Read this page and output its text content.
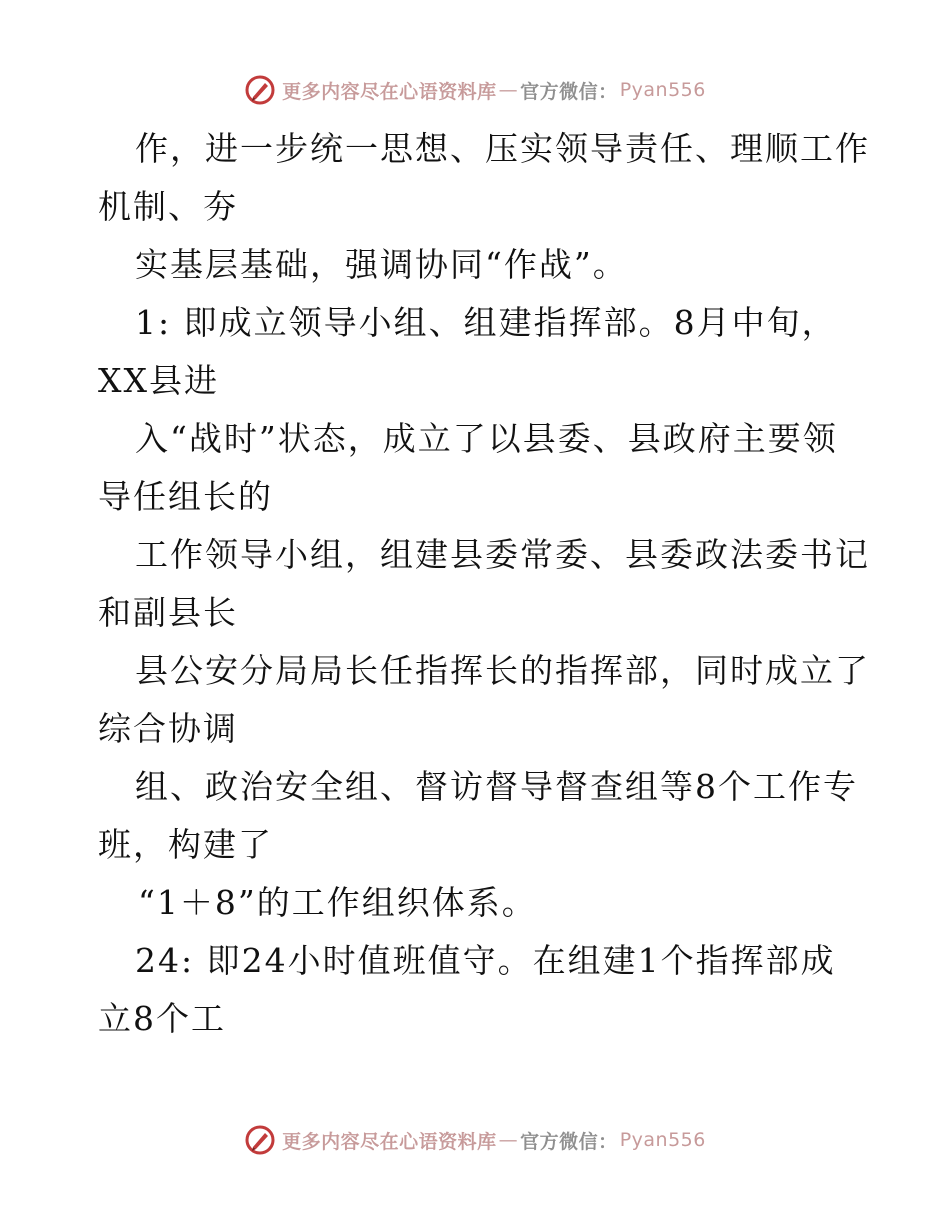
更多内容尽在心语资料库 — 官方微信： Pyan556
作，进一步统一思想、压实领导责任、理顺工作
机制、夯
实基层基础，强调协同“作战”。
1: 即成立领导小组、组建指挥部。8月中旬，
XX县进
入“战时”状态，成立了以县委、县政府主要领
导任组长的
工作领导小组，组建县委常委、县委政法委书记
和副县长
县公安分局局长任指挥长的指挥部，同时成立了
综合协调
组、政治安全组、督访督导督查组等8个工作专
班，构建了
“1＋8”的工作组织体系。
24: 即24小时值班值守。在组建1个指挥部成
立8个工
更多内容尽在心语资料库 — 官方微信： Pyan556
